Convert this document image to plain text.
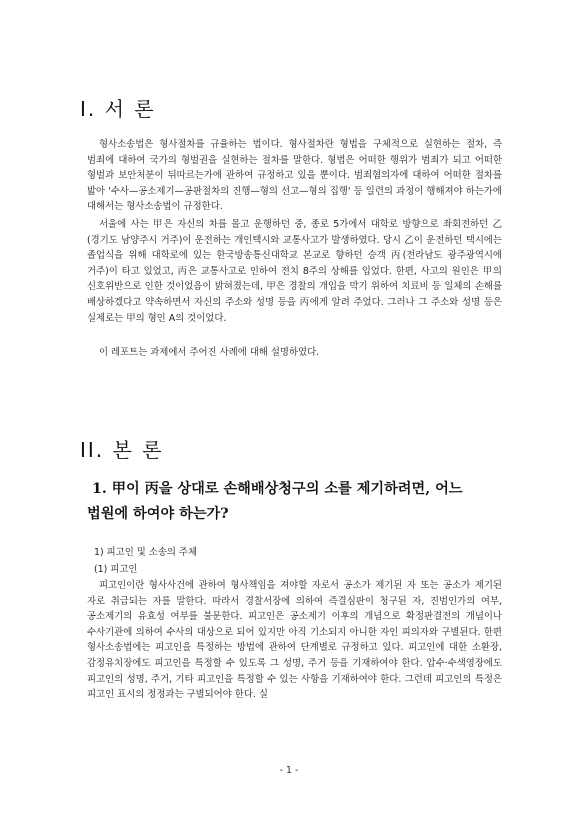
I. 서 론
형사소송법은 형사절차를 규율하는 법이다. 형사절차란 형법을 구체적으로 실현하는 절차, 즉 범죄에 대하여 국가의 형벌권을 실현하는 절차를 말한다. 형법은 어떠한 행위가 범죄가 되고 어떠한 형벌과 보안처분이 뒤따르는가에 관하여 규정하고 있을 뿐이다. 범죄혐의자에 대하여 어떠한 절차를 밟아 '수사—공소제기—공판절차의 진행—형의 선고—형의 집행' 등 일련의 과정이 행해져야 하는가에 대해서는 형사소송법이 규정한다.
서울에 사는 甲은 자신의 차를 몰고 운행하던 중, 종로 5가에서 대학로 방향으로 좌회전하던 乙(경기도 남양주시 거주)이 운전하는 개인택시와 교통사고가 발생하였다. 당시 乙이 운전하던 택시에는 졸업식을 위해 대학로에 있는 한국방송통신대학교 본교로 향하던 승객 丙(전라남도 광주광역시에 거주)이 타고 있었고, 丙은 교통사고로 인하여 전치 8주의 상해를 입었다. 한편, 사고의 원인은 甲의 신호위반으로 인한 것이었음이 밝혀졌는데, 甲은 경찰의 개입을 막기 위하여 치료비 등 일체의 손해를 배상하겠다고 약속하면서 자신의 주소와 성명 등을 丙에게 알려 주었다. 그러나 그 주소와 성명 등은 실제로는 甲의 형인 A의 것이었다.
이 레포트는 과제에서 주어진 사례에 대해 설명하였다.
II. 본 론
1. 甲이 丙을 상대로 손해배상청구의 소를 제기하려면, 어느 법원에 하여야 하는가?
1) 피고인 및 소송의 주체
(1) 피고인
피고인이란 형사사건에 관하여 형사책임을 져야할 자로서 공소가 제기된 자 또는 공소가 제기된 자로 취급되는 자를 말한다. 따라서 경찰서장에 의하여 즉결심판이 청구된 자, 진범인가의 여부, 공소제기의 유효성 여부를 불문한다. 피고인은 공소제기 이후의 개념으로 확정판결전의 개념이나 수사기관에 의하여 수사의 대상으로 되어 있지만 아직 기소되지 아니한 자인 피의자와 구별된다. 한편 형사소송법에는 피고인을 특정하는 방법에 관하여 단계별로 규정하고 있다. 피고인에 대한 소환장, 감정유치장에도 피고인을 특정할 수 있도록 그 성명, 주거 등을 기재하여야 한다. 압수·수색영장에도 피고인의 성명, 주거, 기타 피고인을 특정할 수 있는 사항을 기재하여야 한다. 그런데 피고인의 특정은 피고인 표시의 정정과는 구별되어야 한다. 실
- 1 -
